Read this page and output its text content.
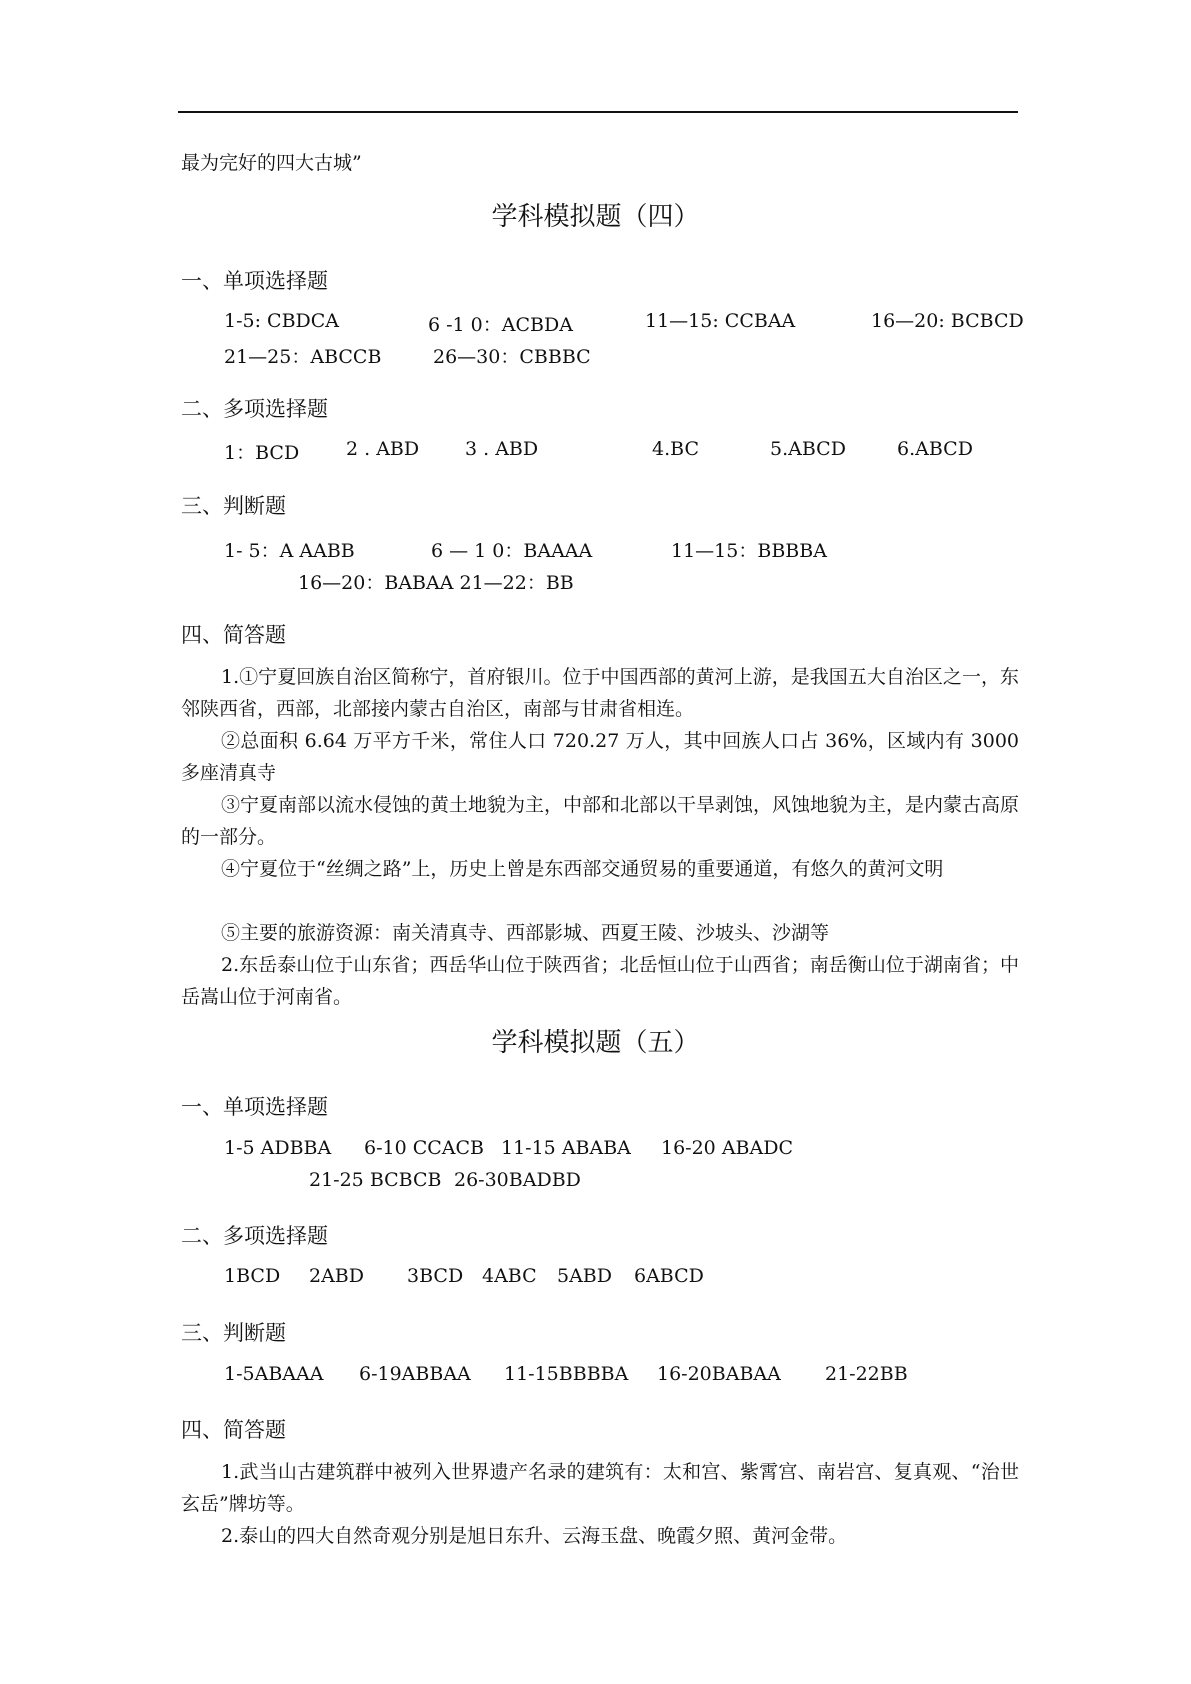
最为完好的四大古城”
学科模拟题（四）
一、单项选择题
1-5: CBDCA	6 -1 0：ACBDA	11—15: CCBAA	16—20: BCBCD
21—25：ABCCB	26—30：CBBBC
二、多项选择题
1：BCD 2 . ABD 3 . ABD	4.BC	5.ABCD	6.ABCD
三、判断题
1- 5：A AABB	6 — 1 0：BAAAA	11—15：BBBBA
16—20：BABAA 21—22：BB
四、简答题
1.①宁夏回族自治区简称宁，首府银川。位于中国西部的黄河上游，是我国五大自治区之一，东邻陕西省，西部，北部接内蒙古自治区，南部与甘肃省相连。
②总面积 6.64 万平方千米，常住人口 720.27 万人，其中回族人口占 36%，区域内有 3000 多座清真寺
③宁夏南部以流水侵蚀的黄土地貌为主，中部和北部以干旱剥蚀，风蚀地貌为主，是内蒙古高原的一部分。
④宁夏位于“丝绸之路”上，历史上曾是东西部交通贸易的重要通道，有悠久的黄河文明
⑤主要的旅游资源：南关清真寺、西部影城、西夏王陵、沙坡头、沙湖等
2.东岳泰山位于山东省；西岳华山位于陕西省；北岳恒山位于山西省；南岳衡山位于湖南省；中岳嵩山位于河南省。
学科模拟题（五）
一、单项选择题
1-5 ADBBA 6-10 CCACB 11-15 ABABA 16-20 ABADC
21-25 BCBCB 26-30BADBD
二、多项选择题
1BCD 2ABD 3BCD 4ABC 5ABD 6ABCD
三、判断题
1-5ABAAA 6-19ABBAA 11-15BBBBA 16-20BABAA 21-22BB
四、简答题
1.武当山古建筑群中被列入世界遗产名录的建筑有：太和宫、紫霄宫、南岩宫、复真观、“治世玄岳”牌坊等。
2.泰山的四大自然奇观分别是旭日东升、云海玉盘、晚霞夕照、黄河金带。
